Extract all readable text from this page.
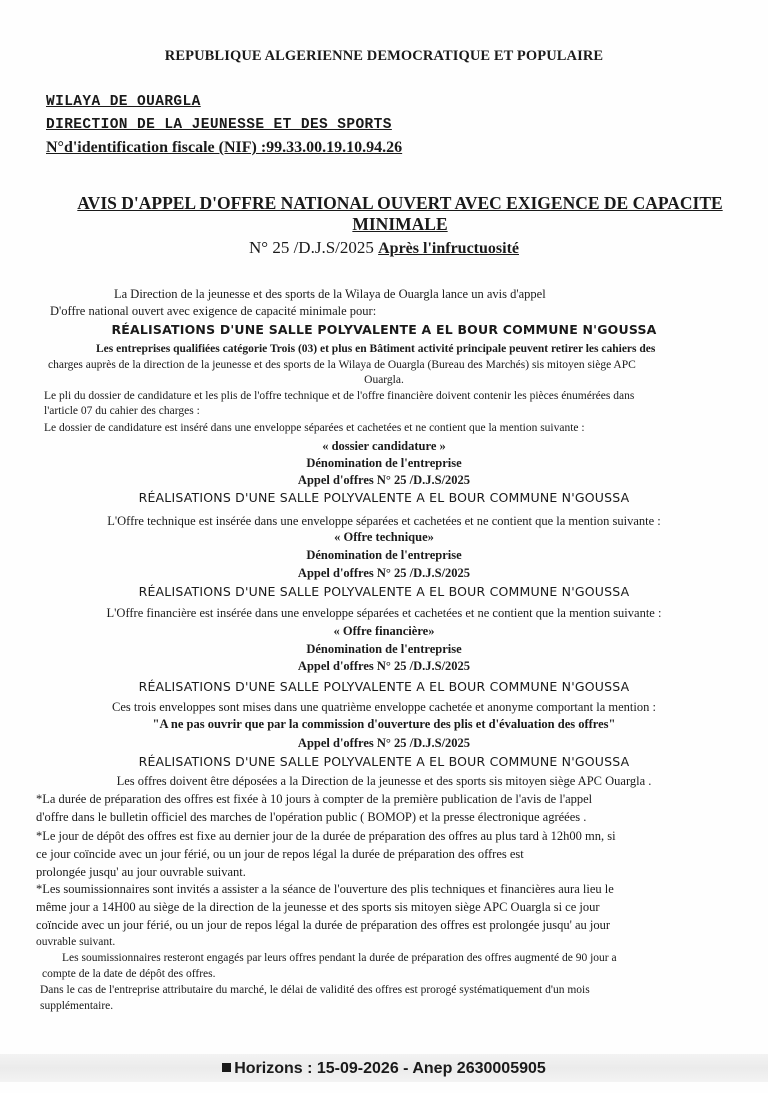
REPUBLIQUE ALGERIENNE DEMOCRATIQUE ET POPULAIRE
WILAYA DE OUARGLA
DIRECTION DE LA JEUNESSE ET DES SPORTS
N°d'identification fiscale (NIF) :99.33.00.19.10.94.26
AVIS D'APPEL D'OFFRE NATIONAL OUVERT AVEC EXIGENCE DE CAPACITE MINIMALE
N° 25 /D.J.S/2025 Après l'infructuosité
La Direction de la jeunesse et des sports de la Wilaya de Ouargla lance un avis d'appel
D'offre national ouvert avec exigence de capacité minimale pour:
RÉALISATIONS D'UNE SALLE POLYVALENTE A EL BOUR COMMUNE N'GOUSSA
Les entreprises qualifiées catégorie Trois (03) et plus en Bâtiment activité principale peuvent retirer les cahiers des
charges auprès de la direction de la jeunesse et des sports de la Wilaya de Ouargla (Bureau des Marchés) sis mitoyen siège APC
Ouargla.
Le pli du dossier de candidature et les plis de l'offre technique et de l'offre financière doivent contenir les pièces énumérées dans
l'article 07 du cahier des charges :
Le dossier de candidature est inséré dans une enveloppe séparées et cachetées et ne contient que la mention suivante :
« dossier candidature »
Dénomination de l'entreprise
Appel d'offres N° 25 /D.J.S/2025
RÉALISATIONS D'UNE SALLE POLYVALENTE A EL BOUR COMMUNE N'GOUSSA
L'Offre technique est insérée dans une enveloppe séparées et cachetées et ne contient que la mention suivante :
« Offre technique»
Dénomination de l'entreprise
Appel d'offres N° 25 /D.J.S/2025
RÉALISATIONS D'UNE SALLE POLYVALENTE A EL BOUR COMMUNE N'GOUSSA
L'Offre financière est insérée dans une enveloppe séparées et cachetées et ne contient que la mention suivante :
« Offre financière»
Dénomination de l'entreprise
Appel d'offres N° 25 /D.J.S/2025
RÉALISATIONS D'UNE SALLE POLYVALENTE A EL BOUR COMMUNE N'GOUSSA
Ces trois enveloppes sont mises dans une quatrième enveloppe cachetée et anonyme comportant la mention :
"A ne pas ouvrir que par la commission d'ouverture des plis et d'évaluation des offres"
Appel d'offres N° 25 /D.J.S/2025
RÉALISATIONS D'UNE SALLE POLYVALENTE A EL BOUR COMMUNE N'GOUSSA
Les offres doivent être déposées a la Direction de la jeunesse et des sports sis mitoyen siège APC Ouargla .
*La durée de préparation des offres est fixée à 10 jours à compter de la première publication de l'avis de l'appel
d'offre dans le bulletin officiel des marches de l'opération public ( BOMOP) et la presse électronique agréées .
*Le jour de dépôt des offres est fixe au dernier jour de la durée de préparation des offres au plus tard à 12h00 mn, si
ce jour coïncide avec un jour férié, ou un jour de repos légal la durée de préparation des offres est
prolongée jusqu' au jour ouvrable suivant.
*Les soumissionnaires sont invités a assister a la séance de l'ouverture des plis techniques et financières aura lieu le
même jour a 14H00 au siège de la direction de la jeunesse et des sports sis mitoyen siège APC Ouargla si ce jour
coïncide avec un jour férié, ou un jour de repos légal la durée de préparation des offres est prolongée jusqu' au jour
ouvrable suivant.
Les soumissionnaires resteront engagés par leurs offres pendant la durée de préparation des offres augmenté de 90 jour a
compte de la date de dépôt des offres.
Dans le cas de l'entreprise attributaire du marché, le délai de validité des offres est prorogé systématiquement d'un mois
supplémentaire.
Horizons : 15-09-2026 - Anep 2630005905
